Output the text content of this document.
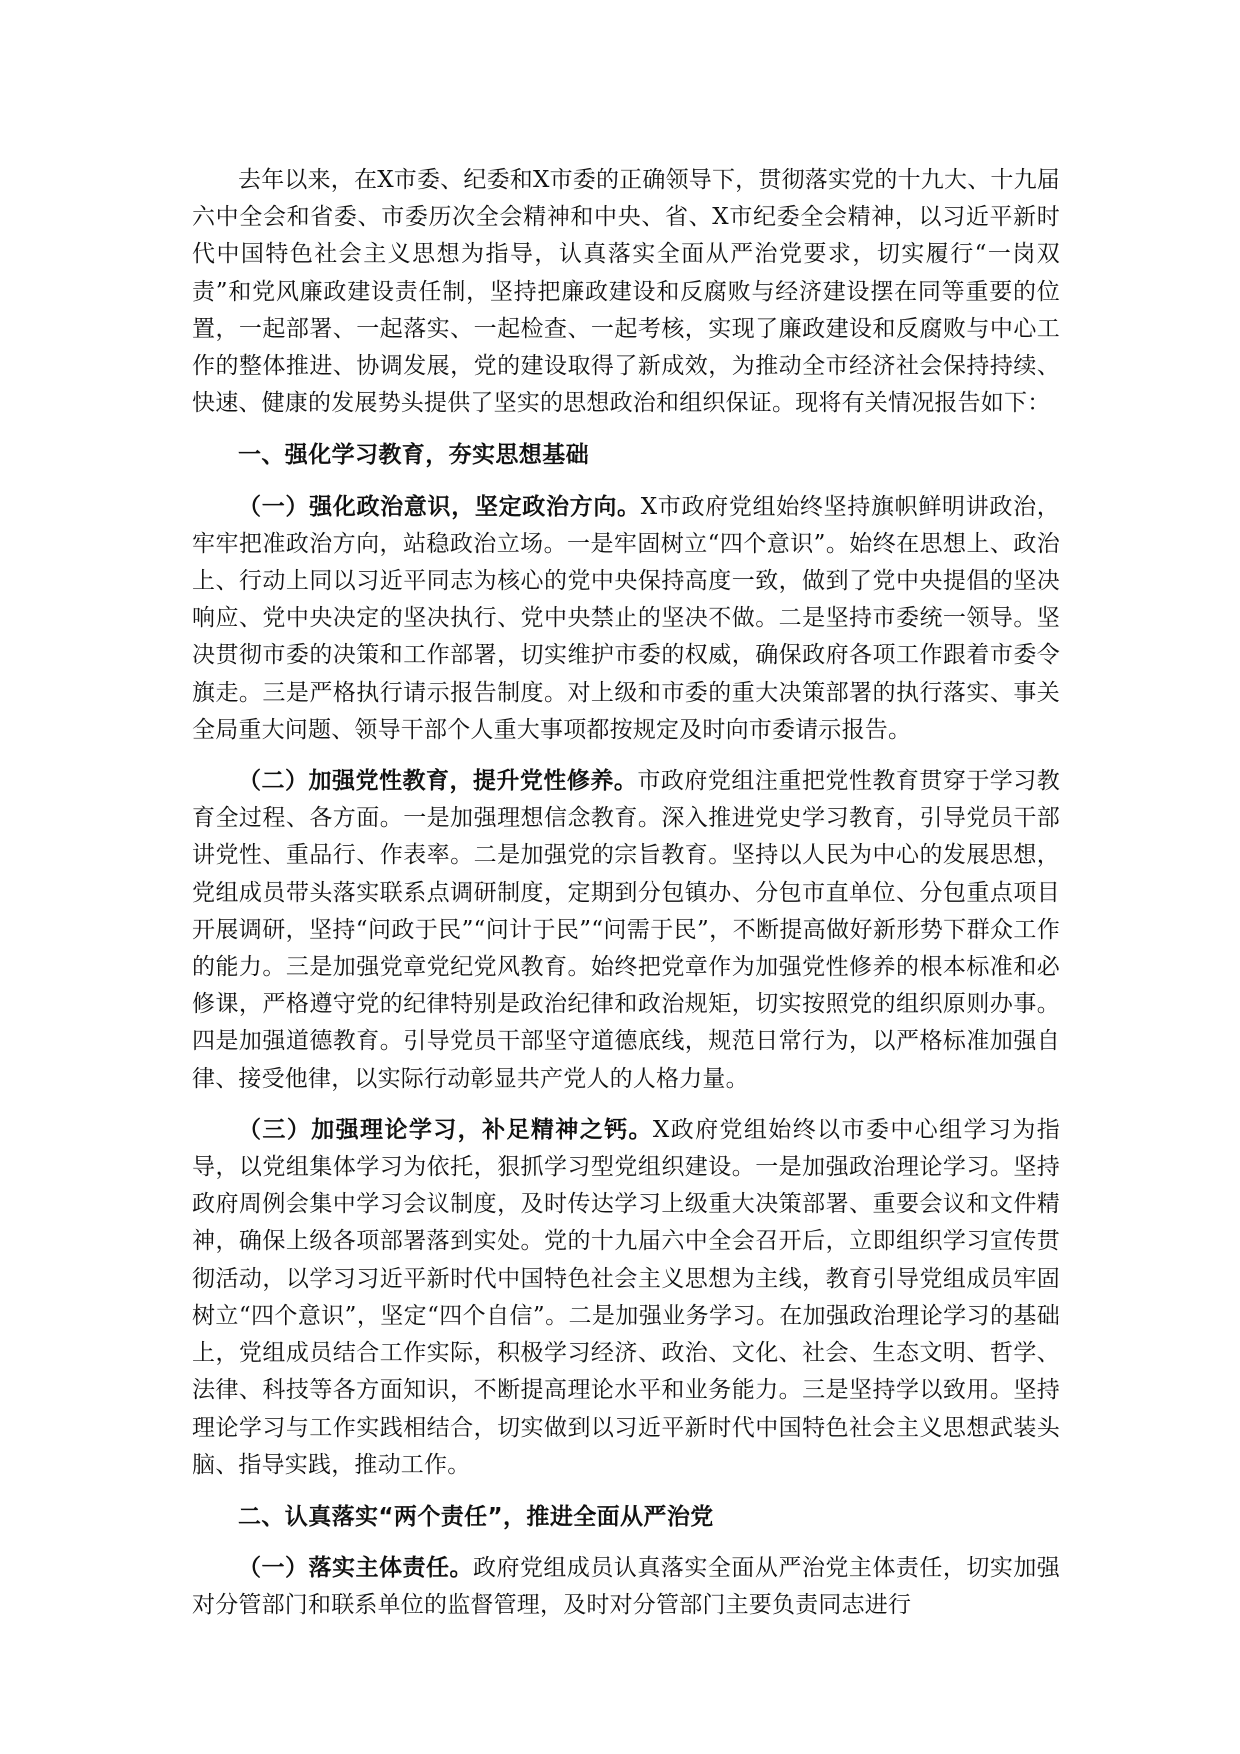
去年以来，在X市委、纪委和X市委的正确领导下，贯彻落实党的十九大、十九届六中全会和省委、市委历次全会精神和中央、省、X市纪委全会精神，以习近平新时代中国特色社会主义思想为指导，认真落实全面从严治党要求，切实履行“一岗双责”和党风廉政建设责任制，坚持把廉政建设和反腐败与经济建设摆在同等重要的位置，一起部署、一起落实、一起检查、一起考核，实现了廉政建设和反腐败与中心工作的整体推进、协调发展，党的建设取得了新成效，为推动全市经济社会保持持续、快速、健康的发展势头提供了坚实的思想政治和组织保证。现将有关情况报告如下：

一、强化学习教育，夯实思想基础

（一）强化政治意识，坚定政治方向。X市政府党组始终坚持旗帜鲜明讲政治，牢牢把准政治方向，站稳政治立场。一是牢固树立“四个意识”。始终在思想上、政治上、行动上同以习近平同志为核心的党中央保持高度一致，做到了党中央提倡的坚决响应、党中央决定的坚决执行、党中央禁止的坚决不做。二是坚持市委统一领导。坚决贯彻市委的决策和工作部署，切实维护市委的权威，确保政府各项工作跟着市委令旗走。三是严格执行请示报告制度。对上级和市委的重大决策部署的执行落实、事关全局重大问题、领导干部个人重大事项都按规定及时向市委请示报告。

（二）加强党性教育，提升党性修养。市政府党组注重把党性教育贯穿于学习教育全过程、各方面。一是加强理想信念教育。深入推进党史学习教育，引导党员干部讲党性、重品行、作表率。二是加强党的宗旨教育。坚持以人民为中心的发展思想，党组成员带头落实联系点调研制度，定期到分包镇办、分包市直单位、分包重点项目开展调研，坚持“问政于民”“问计于民”“问需于民”，不断提高做好新形势下群众工作的能力。三是加强党章党纪党风教育。始终把党章作为加强党性修养的根本标准和必修课，严格遵守党的纪律特别是政治纪律和政治规矩，切实按照党的组织原则办事。四是加强道德教育。引导党员干部坚守道德底线，规范日常行为，以严格标准加强自律、接受他律，以实际行动彰显共产党人的人格力量。

（三）加强理论学习，补足精神之钙。X政府党组始终以市委中心组学习为指导，以党组集体学习为依托，狠抓学习型党组织建设。一是加强政治理论学习。坚持政府周例会集中学习会议制度，及时传达学习上级重大决策部署、重要会议和文件精神，确保上级各项部署落到实处。党的十九届六中全会召开后，立即组织学习宣传贯彻活动，以学习习近平新时代中国特色社会主义思想为主线，教育引导党组成员牢固树立“四个意识”，坚定“四个自信”。二是加强业务学习。在加强政治理论学习的基础上，党组成员结合工作实际，积极学习经济、政治、文化、社会、生态文明、哲学、法律、科技等各方面知识，不断提高理论水平和业务能力。三是坚持学以致用。坚持理论学习与工作实践相结合，切实做到以习近平新时代中国特色社会主义思想武装头脑、指导实践，推动工作。

二、认真落实“两个责任”，推进全面从严治党

（一）落实主体责任。政府党组成员认真落实全面从严治党主体责任，切实加强对分管部门和联系单位的监督管理，及时对分管部门主要负责同志进行
